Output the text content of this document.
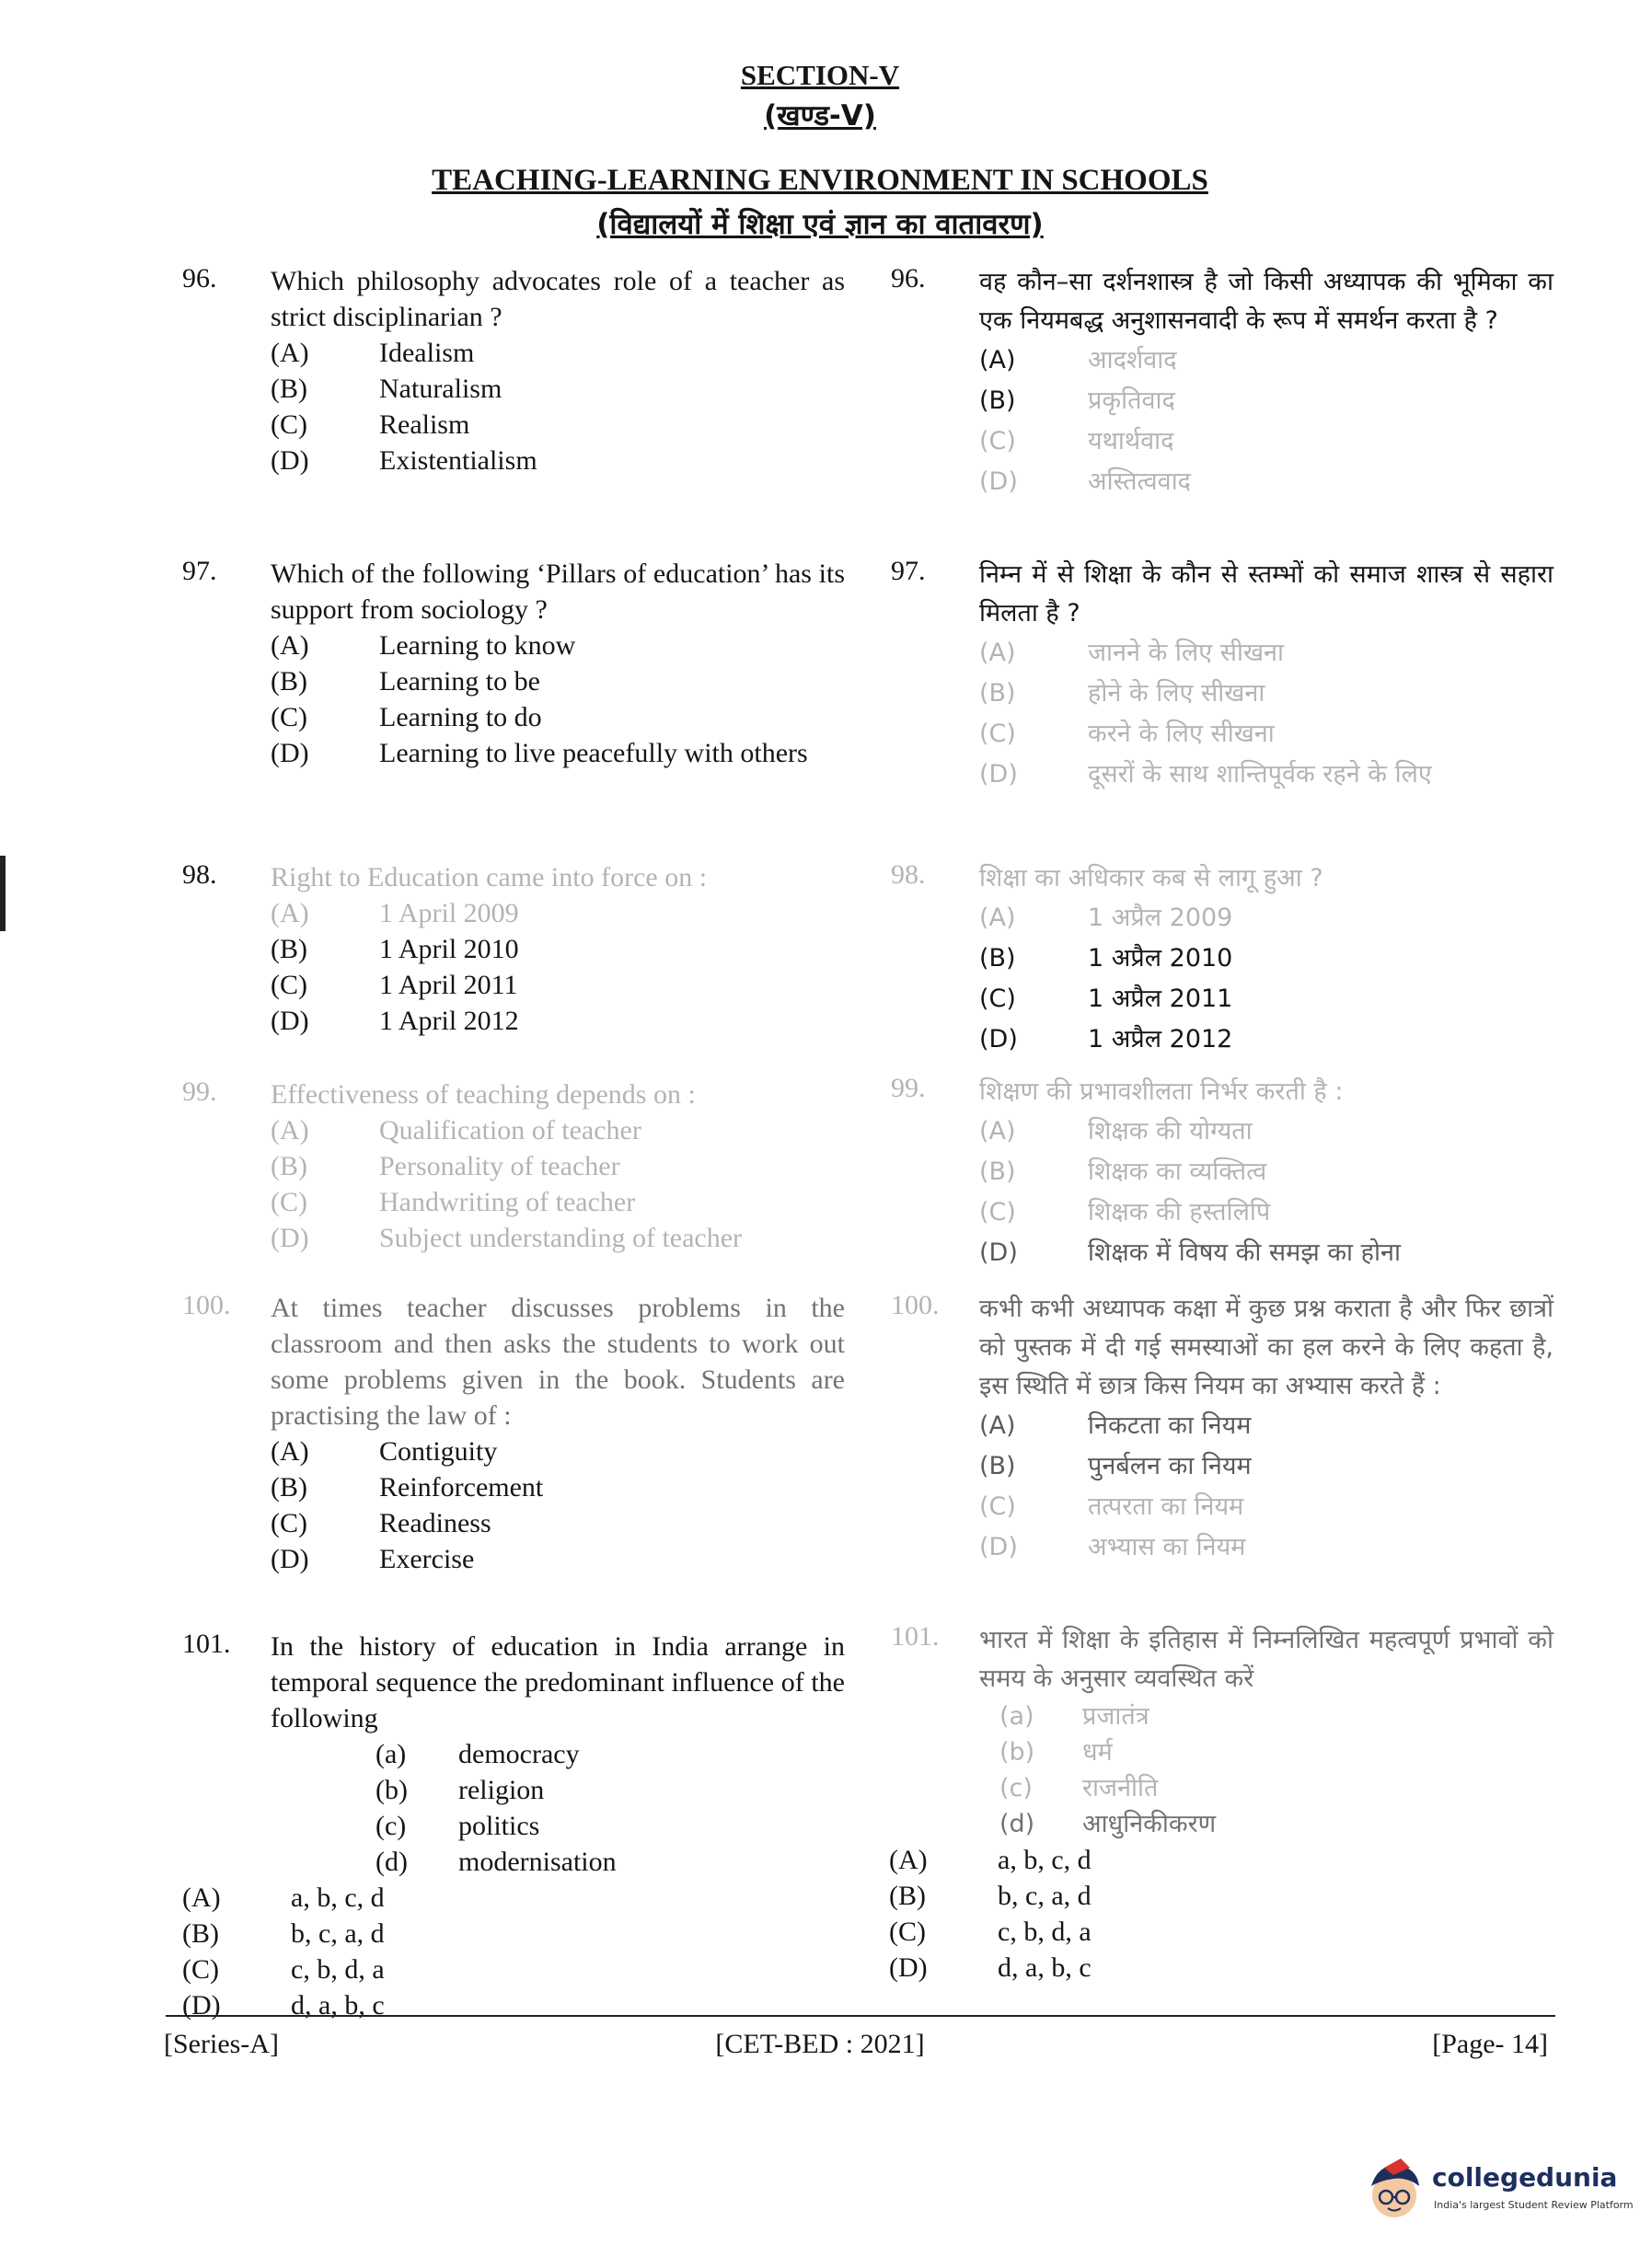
SECTION-V
(खण्ड-V)
TEACHING-LEARNING ENVIRONMENT IN SCHOOLS
(विद्यालयों में शिक्षा एवं ज्ञान का वातावरण)
96. Which philosophy advocates role of a teacher as strict disciplinarian ?
(A)	Idealism
(B)	Naturalism
(C)	Realism
(D)	Existentialism
97. Which of the following ‘Pillars of education’ has its support from sociology ?
(A)	Learning to know
(B)	Learning to be
(C)	Learning to do
(D)	Learning to live peacefully with others
98. Right to Education came into force on :
(A)	1 April 2009
(B)	1 April 2010
(C)	1 April 2011
(D)	1 April 2012
99. Effectiveness of teaching depends on :
(A)	Qualification of teacher
(B)	Personality of teacher
(C)	Handwriting of teacher
(D)	Subject understanding of teacher
100. At times teacher discusses problems in the classroom and then asks the students to work out some problems given in the book. Students are practising the law of :
(A)	Contiguity
(B)	Reinforcement
(C)	Readiness
(D)	Exercise
101. In the history of education in India arrange in temporal sequence the predominant influence of the following
(a) democracy
(b) religion
(c) politics
(d) modernisation
(A)	a, b, c, d
(B)	b, c, a, d
(C)	c, b, d, a
(D)	d, a, b, c
96. वह कौन–सा दर्शनशास्त्र है जो किसी अध्यापक की भूमिका का एक नियमबद्ध अनुशासनवादी के रूप में समर्थन करता है ?
(A)	आदर्शवाद
(B)	प्रकृतिवाद
(C)	यथार्थवाद
(D)	अस्तित्ववाद
97. निम्न में से शिक्षा के कौन से स्तम्भों को समाज शास्त्र से सहारा मिलता है ?
(A)	जानने के लिए सीखना
(B)	होने के लिए सीखना
(C)	करने के लिए सीखना
(D)	दूसरों के साथ शान्तिपूर्वक रहने के लिए
98. शिक्षा का अधिकार कब से लागू हुआ ?
(A)	1 अप्रैल 2009
(B)	1 अप्रैल 2010
(C)	1 अप्रैल 2011
(D)	1 अप्रैल 2012
99. शिक्षण की प्रभावशीलता निर्भर करती है :
(A)	शिक्षक की योग्यता
(B)	शिक्षक का व्यक्तित्व
(C)	शिक्षक की हस्तलिपि
(D)	शिक्षक में विषय की समझ का होना
100. कभी कभी अध्यापक कक्षा में कुछ प्रश्न कराता है और फिर छात्रों को पुस्तक में दी गई समस्याओं का हल करने के लिए कहता है, इस स्थिति में छात्र किस नियम का अभ्यास करते हैं :
(A)	निकटता का नियम
(B)	पुनर्बलन का नियम
(C)	तत्परता का नियम
(D)	अभ्यास का नियम
101. भारत में शिक्षा के इतिहास में निम्नलिखित महत्वपूर्ण प्रभावों को समय के अनुसार व्यवस्थित करें
(a) प्रजातंत्र
(b) धर्म
(c) राजनीति
(d) आधुनिकीकरण
(A)	a, b, c, d
(B)	b, c, a, d
(C)	c, b, d, a
(D)	d, a, b, c
[Series-A]	[CET-BED : 2021]	[Page- 14]
collegedunia
India's largest Student Review Platform
